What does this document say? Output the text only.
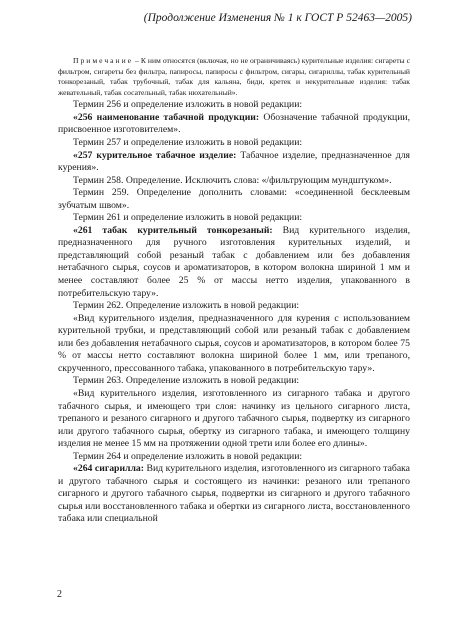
(Продолжение Изменения № 1 к ГОСТ Р 52463—2005)

Примечание – К ним относятся (включая, но не ограничиваясь) курительные изделия: сигареты с фильтром, сигареты без фильтра, папиросы, папиросы с фильтром, сигары, сигариллы, табак курительный тонкорезаный, табак трубочный, табак для кальяна, биди, кретек и некурительные изделия: табак жевательный, табак сосательный, табак нюхательный».

Термин 256 и определение изложить в новой редакции:

«256 наименование табачной продукции: Обозначение табачной продукции, присвоенное изготовителем».

Термин 257 и определение изложить в новой редакции:

«257 курительное табачное изделие: Табачное изделие, предназначенное для курения».

Термин 258. Определение. Исключить слова: «/фильтрующим мундштуком».

Термин 259. Определение дополнить словами: «соединенной бесклеевым зубчатым швом».

Термин 261 и определение изложить в новой редакции:

«261 табак курительный тонкорезаный: Вид курительного изделия, предназначенного для ручного изготовления курительных изделий, и представляющий собой резаный табак с добавлением или без добавления нетабачного сырья, соусов и ароматизаторов, в котором волокна шириной 1 мм и менее составляют более 25 % от массы нетто изделия, упакованного в потребительскую тару».

Термин 262. Определение изложить в новой редакции:

«Вид курительного изделия, предназначенного для курения с использованием курительной трубки, и представляющий собой или резаный табак с добавлением или без добавления нетабачного сырья, соусов и ароматизаторов, в котором более 75 % от массы нетто составляют волокна шириной более 1 мм, или трепаного, скрученного, прессованного табака, упакованного в потребительскую тару».

Термин 263. Определение изложить в новой редакции:

«Вид курительного изделия, изготовленного из сигарного табака и другого табачного сырья, и имеющего три слоя: начинку из цельного сигарного листа, трепаного и резаного сигарного и другого табачного сырья, подвертку из сигарного или другого табачного сырья, обертку из сигарного табака, и имеющего толщину изделия не менее 15 мм на протяжении одной трети или более его длины».

Термин 264 и определение изложить в новой редакции:

«264 сигарилла: Вид курительного изделия, изготовленного из сигарного табака и другого табачного сырья и состоящего из начинки: резаного или трепаного сигарного и другого табачного сырья, подвертки из сигарного и другого табачного сырья или восстановленного табака и обертки из сигарного листа, восстановленного табака или специальной

2
